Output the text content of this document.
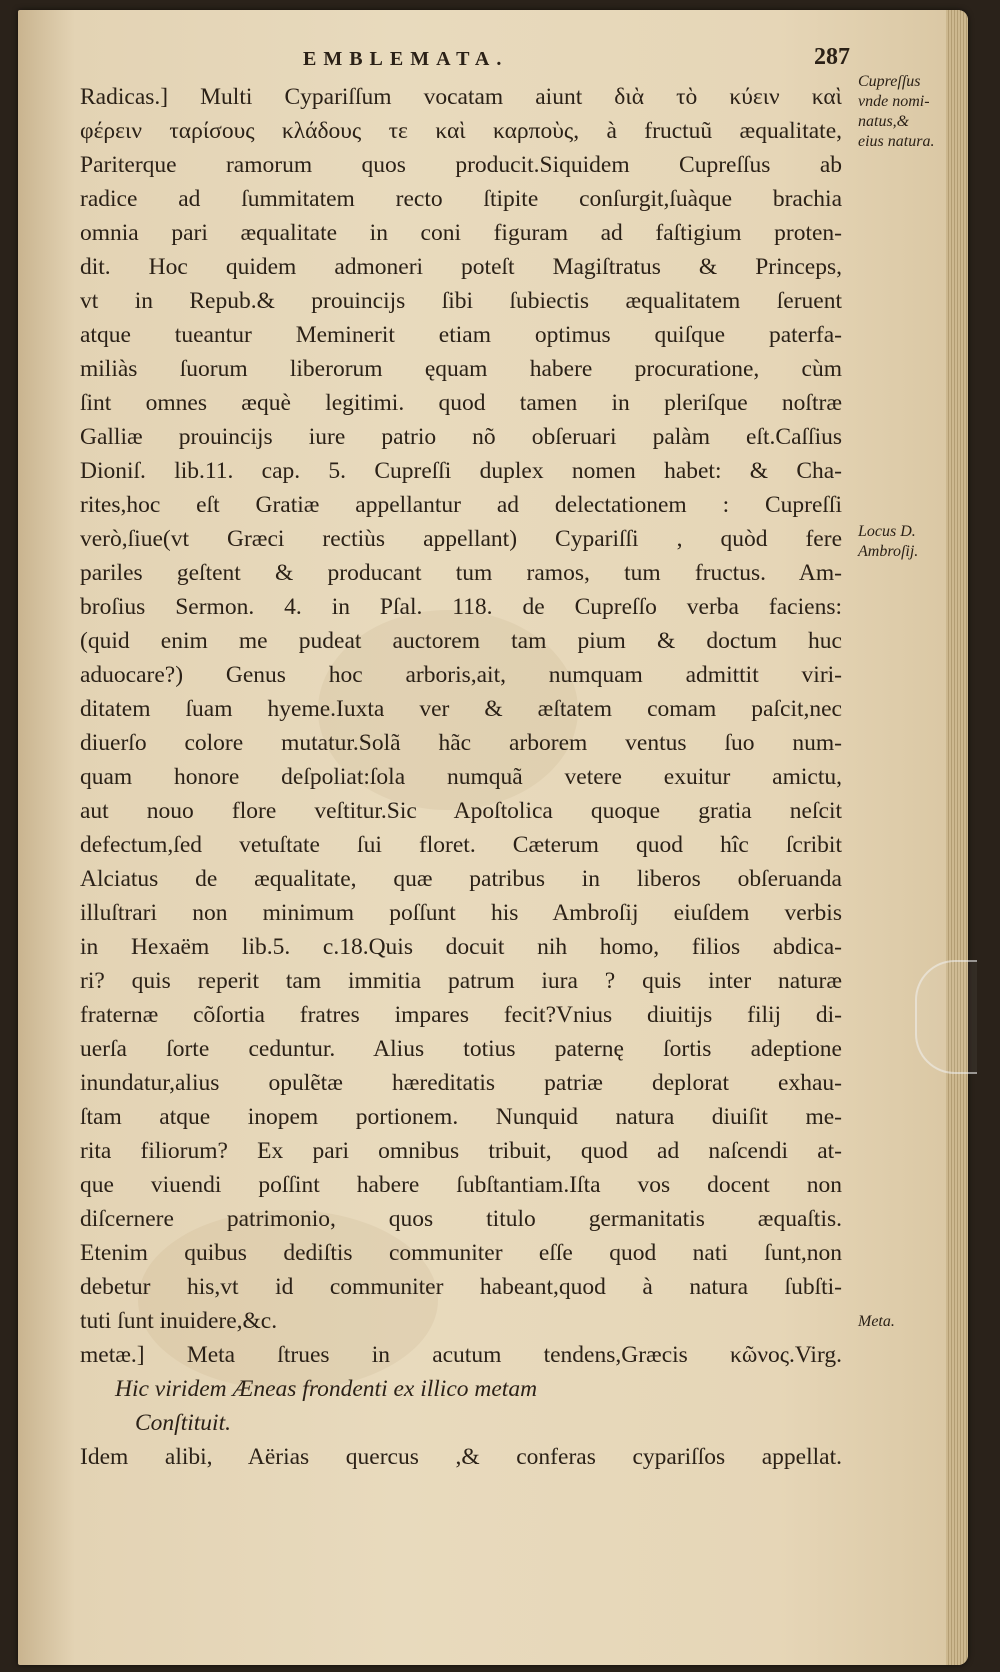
EMBLEMATA.	287
Radicas.] Multi Cypariſſum vocatam aiunt διὰ τὸ κύειν καὶ
φέρειν ταρίσους κλάδους τε καὶ καρποὺς, à fructuũ æqualitate,
Pariterque ramorum quos producit.Siquidem Cupreſſus ab
radice ad ſummitatem recto ſtipite conſurgit,ſuàque brachia
omnia pari æqualitate in coni figuram ad faſtigium proten-
dit. Hoc quidem admoneri poteſt Magiſtratus & Princeps,
vt in Repub.& prouincijs ſibi ſubiectis æqualitatem ſeruent
atque tueantur Meminerit etiam optimus quiſque paterfa-
miliàs ſuorum liberorum ęquam habere procuratione, cùm
ſint omnes æquè legitimi. quod tamen in pleriſque noſtræ
Galliæ prouincijs iure patrio nõ obſeruari palàm eſt.Caſſius
Dioniſ. lib.11. cap. 5. Cupreſſi duplex nomen habet: & Cha-
rites,hoc eſt Gratiæ appellantur ad delectationem : Cupreſſi
verò,ſiue(vt Græci rectiùs appellant) Cypariſſi , quòd fere
pariles geſtent & producant tum ramos, tum fructus. Am-
broſius Sermon. 4. in Pſal. 118. de Cupreſſo verba faciens:
(quid enim me pudeat auctorem tam pium & doctum huc
aduocare?) Genus hoc arboris,ait, numquam admittit viri-
ditatem ſuam hyeme.Iuxta ver & æſtatem comam paſcit,nec
diuerſo colore mutatur.Solã hãc arborem ventus ſuo num-
quam honore deſpoliat:ſola numquã vetere exuitur amictu,
aut nouo flore veſtitur.Sic Apoſtolica quoque gratia neſcit
defectum,ſed vetuſtate ſui floret. Cæterum quod hîc ſcribit
Alciatus de æqualitate, quæ patribus in liberos obſeruanda
illuſtrari non minimum poſſunt his Ambroſij eiuſdem verbis
in Hexaëm lib.5. c.18.Quis docuit nih homo, filios abdica-
ri? quis reperit tam immitia patrum iura ? quis inter naturæ
fraternæ cõſortia fratres impares fecit?Vnius diuitijs filij di-
uerſa ſorte ceduntur. Alius totius paternę ſortis adeptione
inundatur,alius opulẽtæ hæreditatis patriæ deplorat exhau-
ſtam atque inopem portionem. Nunquid natura diuiſit me-
rita filiorum? Ex pari omnibus tribuit, quod ad naſcendi at-
que viuendi poſſint habere ſubſtantiam.Iſta vos docent non
diſcernere patrimonio, quos titulo germanitatis æquaſtis.
Etenim quibus dediſtis communiter eſſe quod nati ſunt,non
debetur his,vt id communiter habeant,quod à natura ſubſti-
tuti ſunt inuidere,&c.
metæ.] Meta ſtrues in acutum tendens,Græcis κῶνος.Virg.
Hic viridem Æneas frondenti ex illico metam
Conſtituit.
Idem alibi, Aërias quercus ,& conferas cypariſſos appellat.
Cupreſſus
vnde nomi-
natus,&
eius natura.
Locus D.
Ambroſij.
Meta.
